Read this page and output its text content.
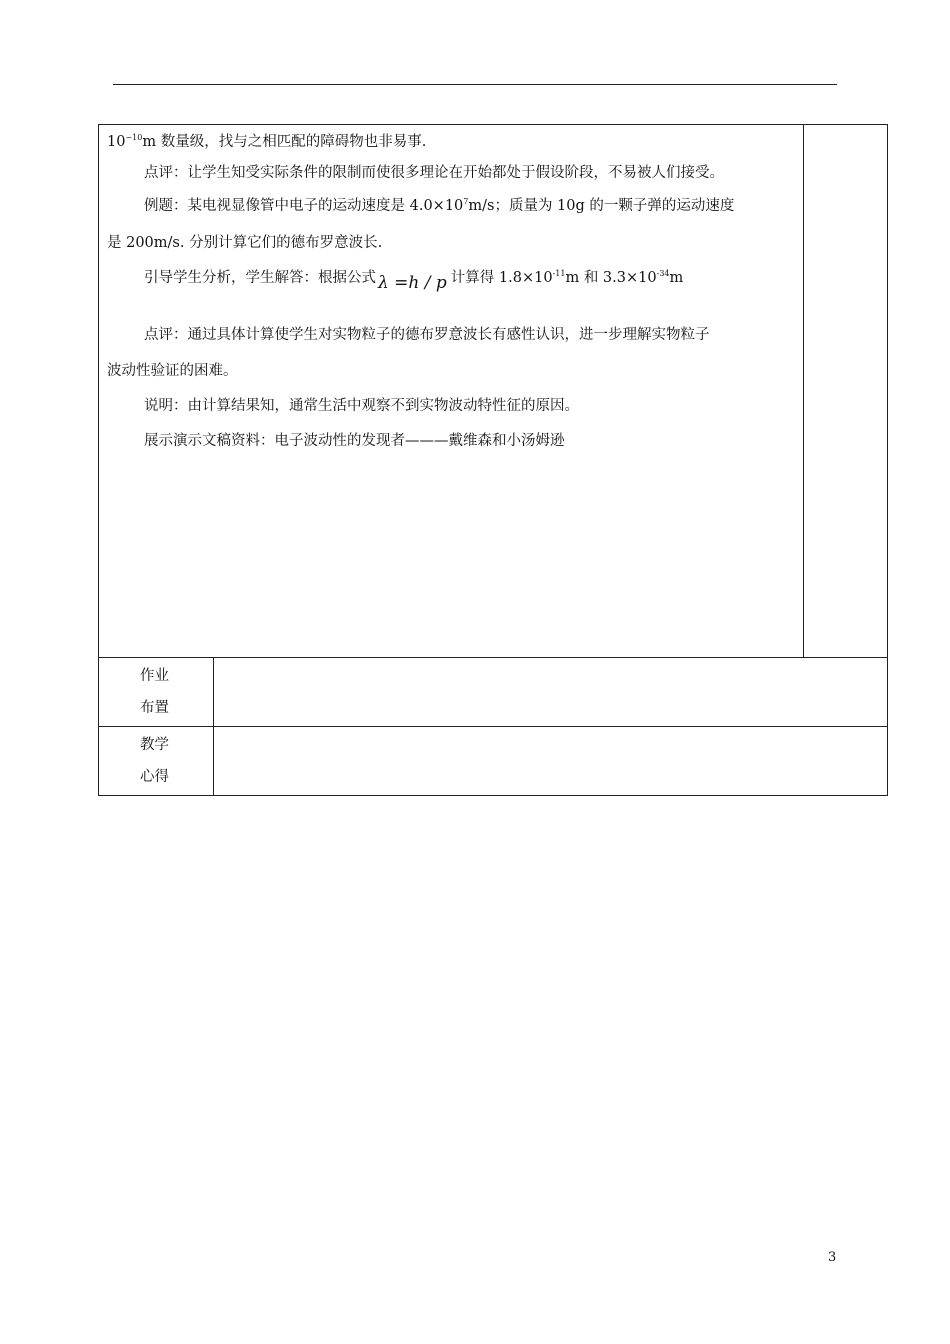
$10^{-10}m$ 数量级，找与之相匹配的障碍物也非易事.
点评：让学生知受实际条件的限制而使很多理论在开始都处于假设阶段，不易被人们接受。
例题：某电视显像管中电子的运动速度是 $4.0\times 10^7m/s$；质量为 10g 的一颗子弹的运动速度
是 200m/s. 分别计算它们的德布罗意波长.
引导学生分析，学生解答：根据公式 λ =h / p 计算得 $1.8\times 10^{-11}m$ 和 $3.3\times 10^{-34}m$
点评：通过具体计算使学生对实物粒子的德布罗意波长有感性认识，进一步理解实物粒子
波动性验证的困难。
说明：由计算结果知，通常生活中观察不到实物波动特性征的原因。
展示演示文稿资料：电子波动性的发现者———戴维森和小汤姆逊
作业
布置
教学
心得
3
